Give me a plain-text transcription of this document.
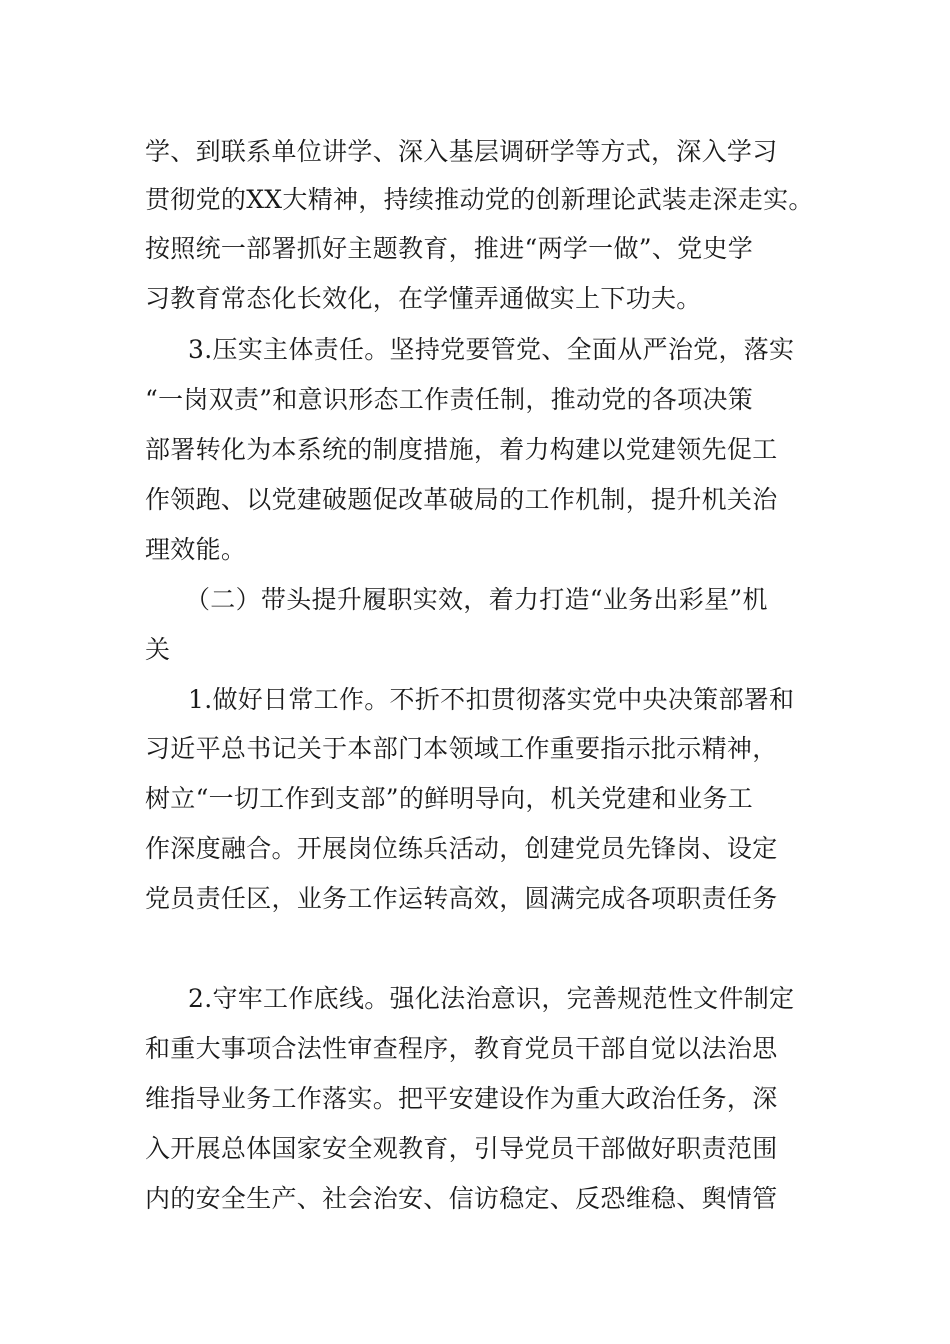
学、到联系单位讲学、深入基层调研学等方式，深入学习
贯彻党的XX大精神，持续推动党的创新理论武装走深走实。
按照统一部署抓好主题教育，推进“两学一做”、党史学
习教育常态化长效化，在学懂弄通做实上下功夫。
3.压实主体责任。坚持党要管党、全面从严治党，落实
“一岗双责”和意识形态工作责任制，推动党的各项决策
部署转化为本系统的制度措施，着力构建以党建领先促工
作领跑、以党建破题促改革破局的工作机制，提升机关治
理效能。
（二）带头提升履职实效，着力打造“业务出彩星”机
关
1.做好日常工作。不折不扣贯彻落实党中央决策部署和
习近平总书记关于本部门本领域工作重要指示批示精神，
树立“一切工作到支部”的鲜明导向，机关党建和业务工
作深度融合。开展岗位练兵活动，创建党员先锋岗、设定
党员责任区，业务工作运转高效，圆满完成各项职责任务
2.守牢工作底线。强化法治意识，完善规范性文件制定
和重大事项合法性审查程序，教育党员干部自觉以法治思
维指导业务工作落实。把平安建设作为重大政治任务，深
入开展总体国家安全观教育，引导党员干部做好职责范围
内的安全生产、社会治安、信访稳定、反恐维稳、舆情管
